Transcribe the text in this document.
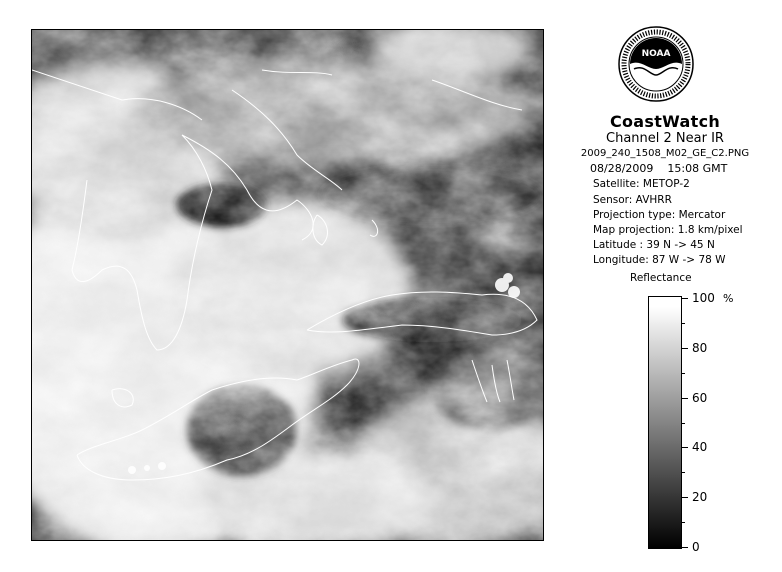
NOAA
CoastWatch
Channel 2 Near IR
2009_240_1508_M02_GE_C2.PNG
08/28/2009    15:08 GMT
Satellite: METOP-2
Sensor: AVHRR
Projection type: Mercator
Map projection: 1.8 km/pixel
Latitude : 39 N -> 45 N
Longitude: 87 W -> 78 W
Reflectance
%
100
80
60
40
20
0
